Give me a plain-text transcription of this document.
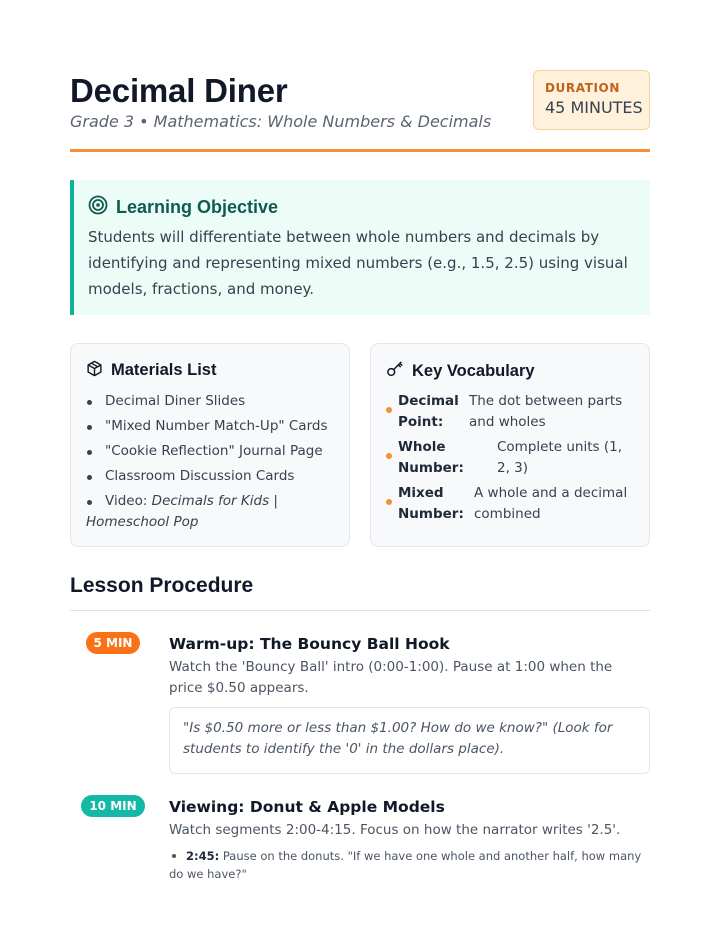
Decimal Diner
Grade 3 • Mathematics: Whole Numbers & Decimals
DURATION
45 MINUTES
Learning Objective
Students will differentiate between whole numbers and decimals by identifying and representing mixed numbers (e.g., 1.5, 2.5) using visual models, fractions, and money.
Materials List
Decimal Diner Slides
"Mixed Number Match-Up" Cards
"Cookie Reflection" Journal Page
Classroom Discussion Cards
Video: Decimals for Kids | Homeschool Pop
Key Vocabulary
Decimal Point:
The dot between parts and wholes
Whole Number:
Complete units (1, 2, 3)
Mixed Number:
A whole and a decimal combined
Lesson Procedure
5 MIN	Warm-up: The Bouncy Ball Hook
Watch the 'Bouncy Ball' intro (0:00-1:00). Pause at 1:00 when the price $0.50 appears.
"Is $0.50 more or less than $1.00? How do we know?" (Look for students to identify the '0' in the dollars place).
10 MIN	Viewing: Donut & Apple Models
Watch segments 2:00-4:15. Focus on how the narrator writes '2.5'.
2:45: Pause on the donuts. "If we have one whole and another half, how many do we have?"
